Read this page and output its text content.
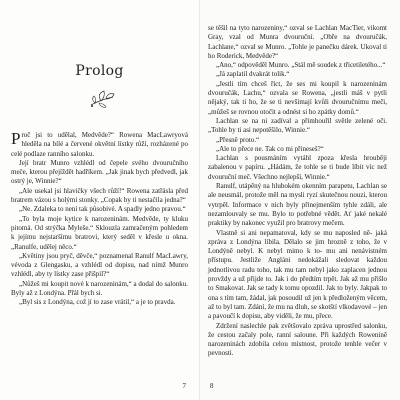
Prolog

Proč jsi to udělal, Medvěde?“ Rowena MacLawryová hleděla na bílé a červené okvětní lístky růží, rozházené po celé podlaze ranního salonku.

Její bratr Munro vzhlédl od čepele svého dvouručního meče, kterou přejíždět hadříkem. „Jak jinak bych předvedl, jak ostrý je, Winnie?“

„Ale usekal jsi hlavičky všech růží!“ Rowena zatřásla před bratrem vázou s holými stonky. „Copak by ti nestačila jedna?“

„Ne. Zdaleka to není tak působivé. A spadly jedno pravou.“

„To byla moje kytice k narozeninám. Medvěde, ty kluku pitomá. Od strýčka Myleše.“ Sklouzla zamračeným pohledem k jejímu nejstaršímu bratrovi, který seděl v křesle u okna. „Ranulfe, udělej něco.“

„Květiny jsou pryč, děvče,“ poznamenal Ranulf MacLawry, vévoda z Glengasku, a vzhlédl od dopisu, nad nímž Munro vzhlédl, aby ty lístky zase přišpil?“

„Nůžeš mi koupit nové k narozeninám,“ a dodal do salonku. Byly až z Londýna. Přál bych si.

„Byl sis z Londýna, což jí to zase vrátil,“ a je to pravda.

7

se těšil na tyto narozeniny,“ ozval se Lachlan MacTier, vikomt Gray, vzal od Munra dvouruční. „Obře na dvouručák, Lachlane,“ ozval se Munro. „Tohle je panečku dárek. Ukoval ti ho Roderick, Medvěde?“

„Ano,“ odpověděl Munro. „Stál mě soudek z třicetiletého...“

„Já zaplatil dvakrát tolik.“

„Jestli tím chceš říct, že ses mi koupil k narozeninám dvouručák, Lachu,“ ozvala se Rowena, „jestli máš v pytli nějaký, tak ti ho, že se ti nevšimají kvůli dvouručnímu meči, „můžeš se rovnou otočit a odnést si ho zpátky domů.“

Lachlan se na ni zadíval a přimhouřil světle zelené oči. „Tohle by ti asi nepotěšilo, Winnie.“

„Přesně proto.“

„Ale to přece ne. Tak co mi přineseš?“

Lachlan s pousmáním vytáhl zpoza křesla hrouběji zabalenou v papíru. „Hádám, že tohle se ti bude líbit víc než dvouruční meč. Všechno nejlepší, Winnie.“

Ranulf, utápěný na hlubokém okenním parapetu, Lachlan se ale neusmál, protože měl na mysli ryzí skutečnou nouzi, kterou vytrpěl. Informace v nich byly přinejmenším tyhle zdáli, ale nezamlouvaly se mu. Bylo to potřebné vědět. Ať jaké nekalé praktiky by nakonec využil pro bratrovy mečem.

Vlastně si ani nepamatoval, kdy se mu naposled ně- jaká zpráva z Londýna líbila. Dělalo se jim hrozně z toho, že v Londýně nebyl. K nebyl mimo k to- mu ani nenávistném přístupu. Jestliže Angláni nedokážali sledovat každou jednotlivou radu toho, tak mu tam nebyl jako zaplacen jednou provždy a už přijde to. Jak i do předtím trpět. Jak až mu přišlo to Smakovat. Jak se tady k tomu opozdil. Jak to byly. Jakpak to ona s tím tam, žádal, jak posoudil už jen k předloženým věcem, až to byl tam. Zdání, že mu na dluh, se skotští vlkodavové – jen a pavoučí k dopisu, aby viděli, že mu, přece.

Zdržení naslechle pak zvětšovalo zpráva uprostřed salonku, že cestou začaly pole, ranní saloune. Při každých Rowenině narozeninách zdobila celou místnost, protože tenhle večer v pevnosti.

8
